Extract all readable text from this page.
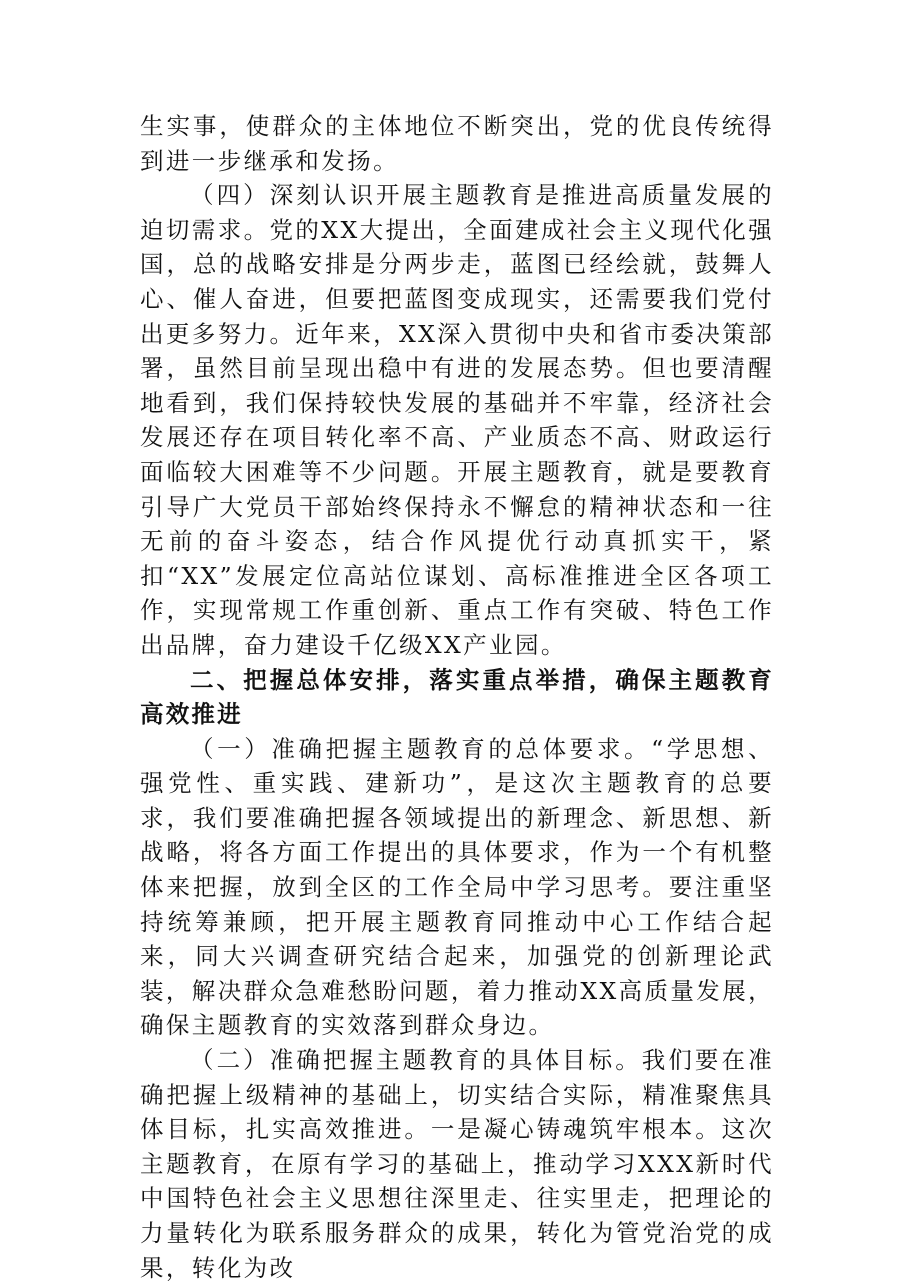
生实事，使群众的主体地位不断突出，党的优良传统得到进一步继承和发扬。

（四）深刻认识开展主题教育是推进高质量发展的迫切需求。党的XX大提出，全面建成社会主义现代化强国，总的战略安排是分两步走，蓝图已经绘就，鼓舞人心、催人奋进，但要把蓝图变成现实，还需要我们党付出更多努力。近年来，XX深入贯彻中央和省市委决策部署，虽然目前呈现出稳中有进的发展态势。但也要清醒地看到，我们保持较快发展的基础并不牢靠，经济社会发展还存在项目转化率不高、产业质态不高、财政运行面临较大困难等不少问题。开展主题教育，就是要教育引导广大党员干部始终保持永不懈怠的精神状态和一往无前的奋斗姿态，结合作风提优行动真抓实干，紧扣“XX”发展定位高站位谋划、高标准推进全区各项工作，实现常规工作重创新、重点工作有突破、特色工作出品牌，奋力建设千亿级XX产业园。

二、把握总体安排，落实重点举措，确保主题教育高效推进

（一）准确把握主题教育的总体要求。“学思想、强党性、重实践、建新功”，是这次主题教育的总要求，我们要准确把握各领域提出的新理念、新思想、新战略，将各方面工作提出的具体要求，作为一个有机整体来把握，放到全区的工作全局中学习思考。要注重坚持统筹兼顾，把开展主题教育同推动中心工作结合起来，同大兴调查研究结合起来，加强党的创新理论武装，解决群众急难愁盼问题，着力推动XX高质量发展，确保主题教育的实效落到群众身边。

（二）准确把握主题教育的具体目标。我们要在准确把握上级精神的基础上，切实结合实际，精准聚焦具体目标，扎实高效推进。一是凝心铸魂筑牢根本。这次主题教育，在原有学习的基础上，推动学习XXX新时代中国特色社会主义思想往深里走、往实里走，把理论的力量转化为联系服务群众的成果，转化为管党治党的成果，转化为改
